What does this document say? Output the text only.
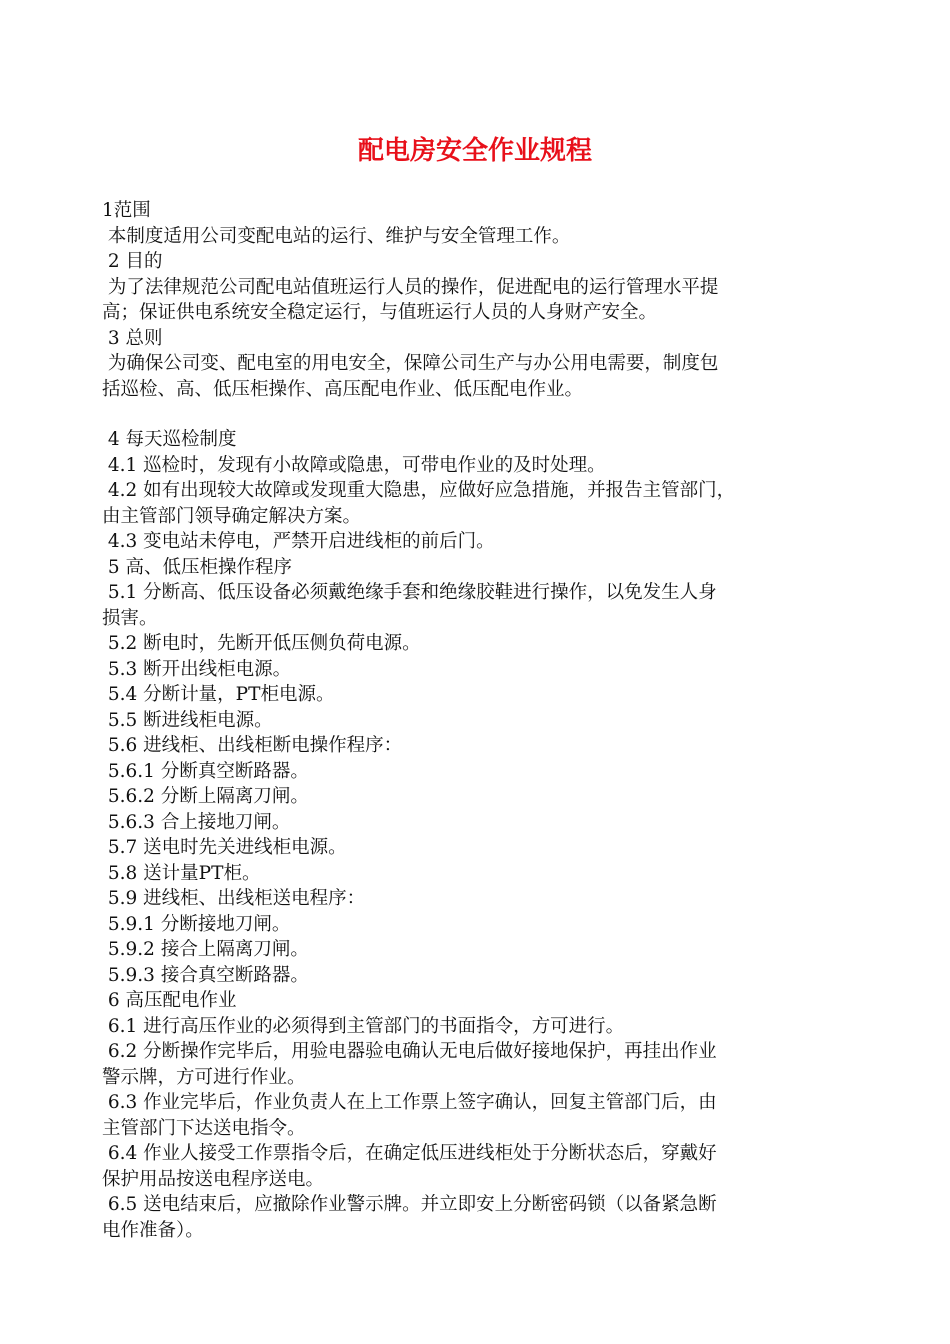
配电房安全作业规程
1范围
本制度适用公司变配电站的运行、维护与安全管理工作。
2 目的
为了法律规范公司配电站值班运行人员的操作，促进配电的运行管理水平提
高；保证供电系统安全稳定运行，与值班运行人员的人身财产安全。
3 总则
为确保公司变、配电室的用电安全，保障公司生产与办公用电需要，制度包
括巡检、高、低压柜操作、高压配电作业、低压配电作业。
4 每天巡检制度
4.1 巡检时，发现有小故障或隐患，可带电作业的及时处理。
4.2 如有出现较大故障或发现重大隐患，应做好应急措施，并报告主管部门，
由主管部门领导确定解决方案。
4.3 变电站未停电，严禁开启进线柜的前后门。
5 高、低压柜操作程序
5.1 分断高、低压设备必须戴绝缘手套和绝缘胶鞋进行操作，以免发生人身
损害。
5.2 断电时，先断开低压侧负荷电源。
5.3 断开出线柜电源。
5.4 分断计量，PT柜电源。
5.5 断进线柜电源。
5.6 进线柜、出线柜断电操作程序：
5.6.1 分断真空断路器。
5.6.2 分断上隔离刀闸。
5.6.3 合上接地刀闸。
5.7 送电时先关进线柜电源。
5.8 送计量PT柜。
5.9 进线柜、出线柜送电程序：
5.9.1 分断接地刀闸。
5.9.2 接合上隔离刀闸。
5.9.3 接合真空断路器。
6 高压配电作业
6.1 进行高压作业的必须得到主管部门的书面指令，方可进行。
6.2 分断操作完毕后，用验电器验电确认无电后做好接地保护，再挂出作业
警示牌，方可进行作业。
6.3 作业完毕后，作业负责人在上工作票上签字确认，回复主管部门后，由
主管部门下达送电指令。
6.4 作业人接受工作票指令后，在确定低压进线柜处于分断状态后，穿戴好
保护用品按送电程序送电。
6.5 送电结束后，应撤除作业警示牌。并立即安上分断密码锁（以备紧急断
电作准备）。
